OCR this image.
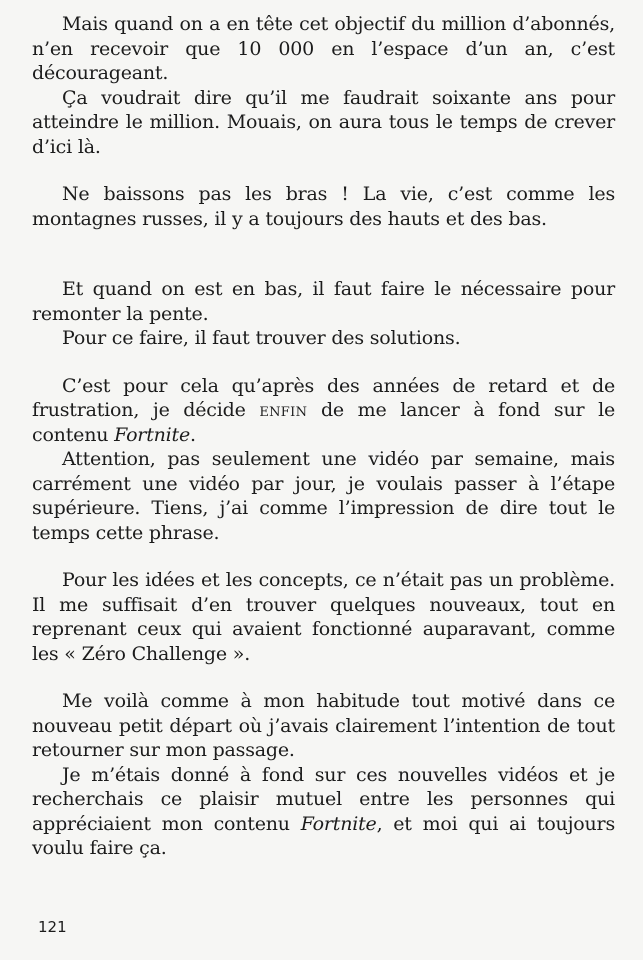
Mais quand on a en tête cet objectif du million d’abonnés, n’en recevoir que 10 000 en l’espace d’un an, c’est décourageant.

Ça voudrait dire qu’il me faudrait soixante ans pour atteindre le million. Mouais, on aura tous le temps de crever d’ici là.

Ne baissons pas les bras ! La vie, c’est comme les montagnes russes, il y a toujours des hauts et des bas.

Et quand on est en bas, il faut faire le nécessaire pour remonter la pente.

Pour ce faire, il faut trouver des solutions.

C’est pour cela qu’après des années de retard et de frustration, je décide enfin de me lancer à fond sur le contenu Fortnite.

Attention, pas seulement une vidéo par semaine, mais carrément une vidéo par jour, je voulais passer à l’étape supérieure. Tiens, j’ai comme l’impression de dire tout le temps cette phrase.

Pour les idées et les concepts, ce n’était pas un problème. Il me suffisait d’en trouver quelques nouveaux, tout en reprenant ceux qui avaient fonctionné auparavant, comme les « Zéro Challenge ».

Me voilà comme à mon habitude tout motivé dans ce nouveau petit départ où j’avais clairement l’intention de tout retourner sur mon passage.

Je m’étais donné à fond sur ces nouvelles vidéos et je recherchais ce plaisir mutuel entre les personnes qui appréciaient mon contenu Fortnite, et moi qui ai toujours voulu faire ça.

121
